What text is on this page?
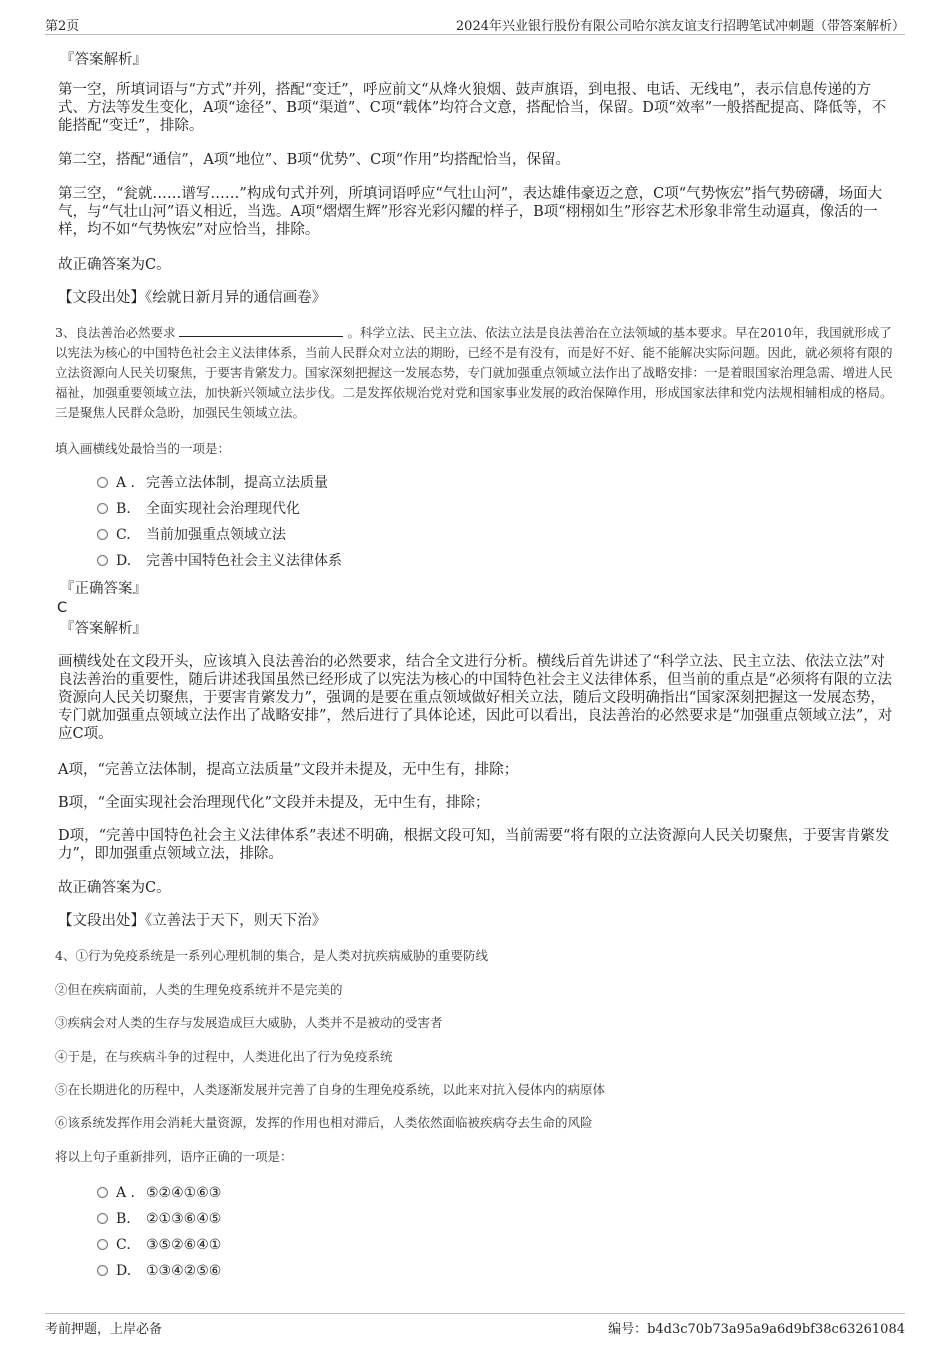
第2页	2024年兴业银行股份有限公司哈尔滨友谊支行招聘笔试冲刺题（带答案解析）
『答案解析』
第一空，所填词语与“方式”并列，搭配“变迁”，呼应前文“从烽火狼烟、鼓声旗语，到电报、电话、无线电”，表示信息传递的方式、方法等发生变化，A项“途径”、B项“渠道”、C项“载体”均符合文意，搭配恰当，保留。D项“效率”一般搭配提高、降低等，不能搭配“变迁”，排除。
第二空，搭配“通信”，A项“地位”、B项“优势”、C项“作用”均搭配恰当，保留。
第三空，“瓮就……谱写……”构成句式并列，所填词语呼应“气壮山河”，表达雄伟豪迈之意，C项“气势恢宏”指气势磅礴，场面大气，与“气壮山河”语义相近，当选。A项“熠熠生辉”形容光彩闪耀的样子，B项“栩栩如生”形容艺术形象非常生动逼真，像活的一样，均不如“气势恢宏”对应恰当，排除。
故正确答案为C。
【文段出处】《绘就日新月异的通信画卷》
3、良法善治必然要求	。科学立法、民主立法、依法立法是良法善治在立法领域的基本要求。早在2010年，我国就形成了以宪法为核心的中国特色社会主义法律体系，当前人民群众对立法的期盼，已经不是有没有，而是好不好、能不能解决实际问题。因此，就必须将有限的立法资源向人民关切聚焦，于要害肯綮发力。国家深刻把握这一发展态势，专门就加强重点领域立法作出了战略安排：一是着眼国家治理急需、增进人民福祉，加强重要领域立法，加快新兴领域立法步伐。二是发挥依规治党对党和国家事业发展的政治保障作用，形成国家法律和党内法规相辅相成的格局。三是聚焦人民群众急盼，加强民生领域立法。
填入画横线处最恰当的一项是：
A . 完善立法体制，提高立法质量
B. 全面实现社会治理现代化
C. 当前加强重点领域立法
D. 完善中国特色社会主义法律体系
『正确答案』
C
『答案解析』
画横线处在文段开头，应该填入良法善治的必然要求，结合全文进行分析。横线后首先讲述了“科学立法、民主立法、依法立法”对良法善治的重要性，随后讲述我国虽然已经形成了以宪法为核心的中国特色社会主义法律体系，但当前的重点是“必须将有限的立法资源向人民关切聚焦，于要害肯綮发力”，强调的是要在重点领域做好相关立法，随后文段明确指出“国家深刻把握这一发展态势，专门就加强重点领域立法作出了战略安排”，然后进行了具体论述，因此可以看出，良法善治的必然要求是“加强重点领域立法”，对应C项。
A项，“完善立法体制，提高立法质量”文段并未提及，无中生有，排除；
B项，“全面实现社会治理现代化”文段并未提及，无中生有，排除；
D项，“完善中国特色社会主义法律体系”表述不明确，根据文段可知，当前需要“将有限的立法资源向人民关切聚焦，于要害肯綮发力”，即加强重点领域立法，排除。
故正确答案为C。
【文段出处】《立善法于天下，则天下治》
4、①行为免疫系统是一系列心理机制的集合，是人类对抗疾病威胁的重要防线
②但在疾病面前，人类的生理免疫系统并不是完美的
③疾病会对人类的生存与发展造成巨大威胁，人类并不是被动的受害者
④于是，在与疾病斗争的过程中，人类进化出了行为免疫系统
⑤在长期进化的历程中，人类逐渐发展并完善了自身的生理免疫系统，以此来对抗入侵体内的病原体
⑥该系统发挥作用会消耗大量资源，发挥的作用也相对滞后，人类依然面临被疾病夺去生命的风险
将以上句子重新排列，语序正确的一项是：
A . ⑤②④①⑥③
B. ②①③⑥④⑤
C. ③⑤②⑥④①
D. ①③④②⑤⑥
考前押题，上岸必备	编号：b4d3c70b73a95a9a6d9bf38c63261084
